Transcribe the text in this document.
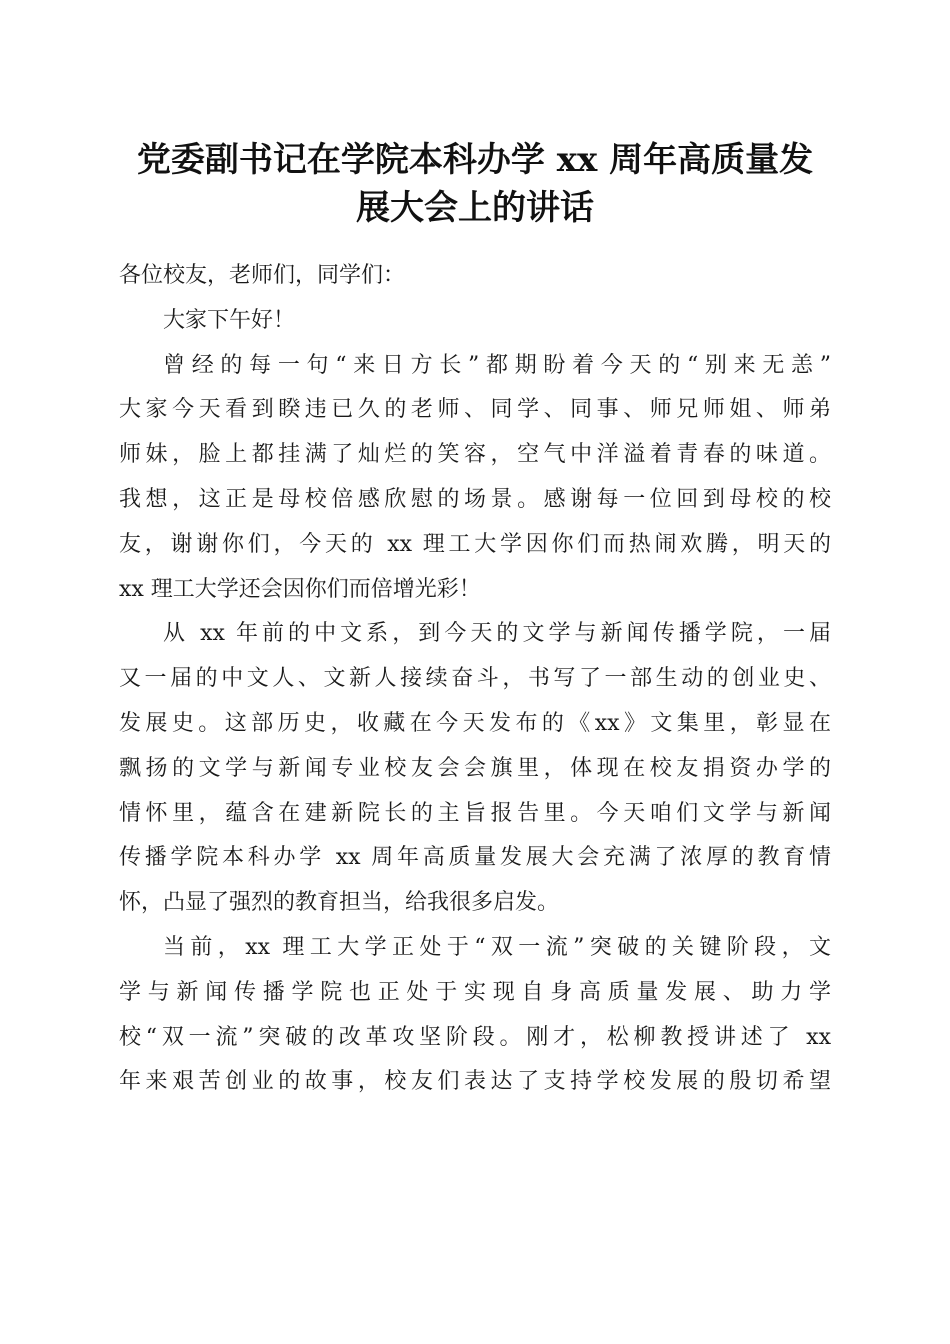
党委副书记在学院本科办学 xx 周年高质量发
展大会上的讲话
各位校友，老师们，同学们：
大家下午好！
曾经的每一句“来日方长”都期盼着今天的“别来无恙”
大家今天看到睽违已久的老师、同学、同事、师兄师姐、师弟
师妹，脸上都挂满了灿烂的笑容，空气中洋溢着青春的味道。
我想，这正是母校倍感欣慰的场景。感谢每一位回到母校的校
友，谢谢你们，今天的 xx 理工大学因你们而热闹欢腾，明天的
xx 理工大学还会因你们而倍增光彩！
从 xx 年前的中文系，到今天的文学与新闻传播学院，一届
又一届的中文人、文新人接续奋斗，书写了一部生动的创业史、
发展史。这部历史，收藏在今天发布的《xx》文集里，彰显在
飘扬的文学与新闻专业校友会会旗里，体现在校友捐资办学的
情怀里，蕴含在建新院长的主旨报告里。今天咱们文学与新闻
传播学院本科办学 xx 周年高质量发展大会充满了浓厚的教育情
怀，凸显了强烈的教育担当，给我很多启发。
当前，xx 理工大学正处于“双一流”突破的关键阶段，文
学与新闻传播学院也正处于实现自身高质量发展、助力学
校“双一流”突破的改革攻坚阶段。刚才，松柳教授讲述了 xx
年来艰苦创业的故事，校友们表达了支持学校发展的殷切希望
